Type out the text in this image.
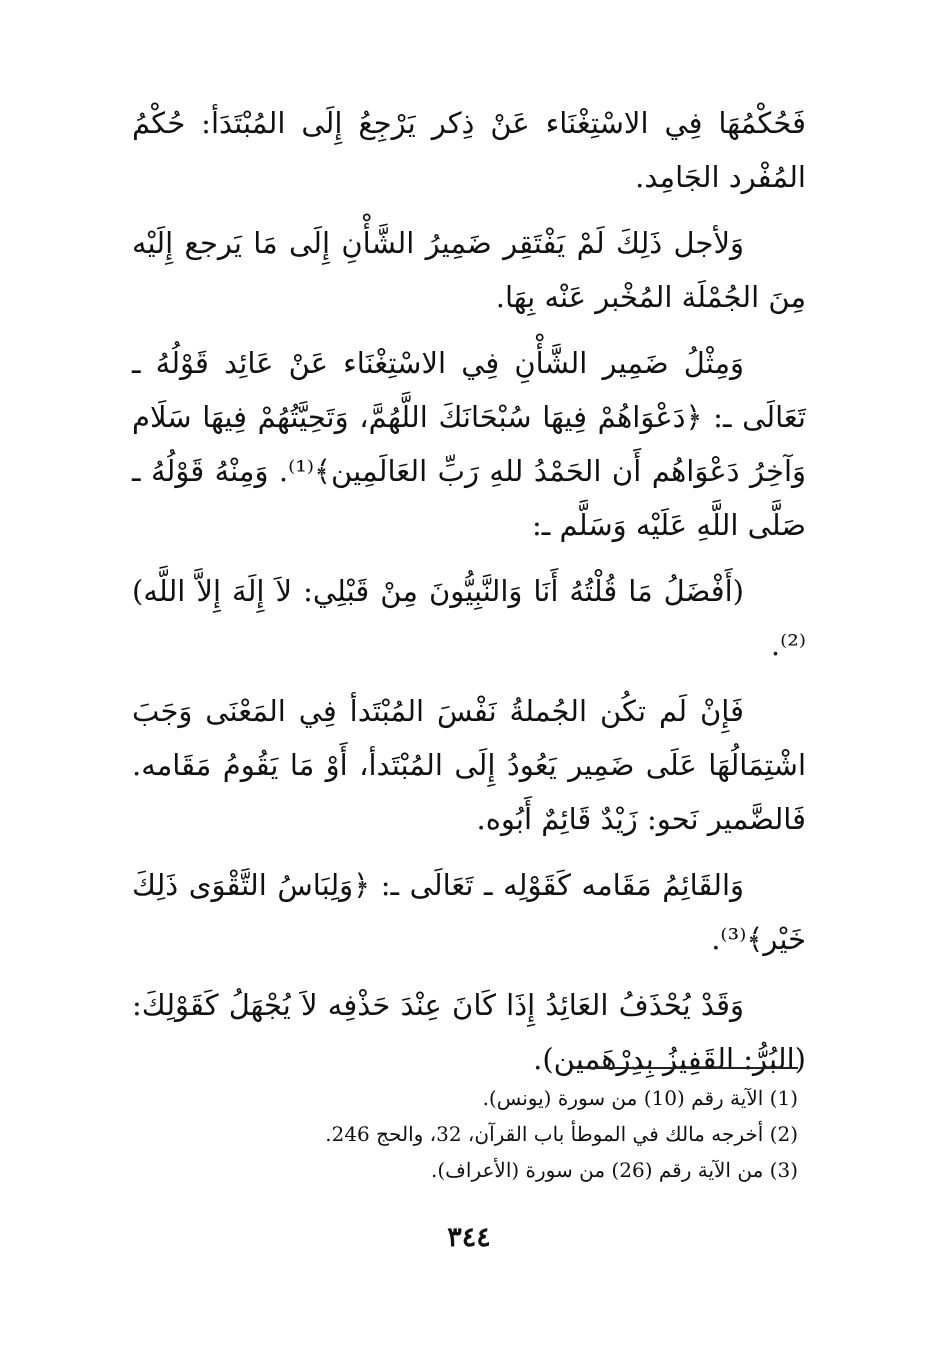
فَحُكْمُهَا فِي الاسْتِغْنَاء عَنْ ذِكر يَرْجِعُ إِلَى المُبْتَدَأ: حُكْمُ المُفْرد الجَامِد.

وَلأجل ذَلِكَ لَمْ يَفْتَقِر ضَمِيرُ الشَّأْنِ إِلَى مَا يَرجع إِلَيْه مِنَ الجُمْلَة المُخْبر عَنْه بِهَا.

وَمِثْلُ ضَمِير الشَّأْنِ فِي الاسْتِغْنَاء عَنْ عَائِد قَوْلُهُ ـ تَعَالَى ـ: ﴿دَعْوَاهُمْ فِيهَا سُبْحَانَكَ اللَّهُمَّ، وَتَحِيَّتُهُمْ فِيهَا سَلَام وَآخِرُ دَعْوَاهُم أَن الحَمْدُ للهِ رَبِّ العَالَمِين﴾⁽¹⁾. وَمِنْهُ قَوْلُهُ ـ صَلَّى اللَّهِ عَلَيْه وَسَلَّم ـ:

(أَفْضَلُ مَا قُلْتُهُ أَنَا وَالنَّبِيُّونَ مِنْ قَبْلِي: لاَ إِلَهَ إِلاَّ اللَّه)⁽²⁾.

فَإِنْ لَم تكُن الجُملةُ نَفْسَ المُبْتَدأ فِي المَعْنَى وَجَبَ اشْتِمَالُهَا عَلَى ضَمِير يَعُودُ إِلَى المُبْتَدأ، أَوْ مَا يَقُومُ مَقَامه. فَالضَّمير نَحو: زَيْدٌ قَائِمٌ أَبُوه.

وَالقَائِمُ مَقَامه كَقَوْلِه ـ تَعَالَى ـ: ﴿وَلِبَاسُ التَّقْوَى ذَلِكَ خَيْر﴾⁽³⁾.

وَقَدْ يُحْذَفُ العَائِدُ إِذَا كَانَ عِنْدَ حَذْفِه لاَ يُجْهَلُ كَقَوْلِكَ: (البُرُّ: القَفِيزُ بِدِرْهَمين).

(1) الآية رقم (10) من سورة (يونس).

(2) أخرجه مالك في الموطأ باب القرآن، 32، والحج 246.

(3) من الآية رقم (26) من سورة (الأعراف).

٣٤٤
